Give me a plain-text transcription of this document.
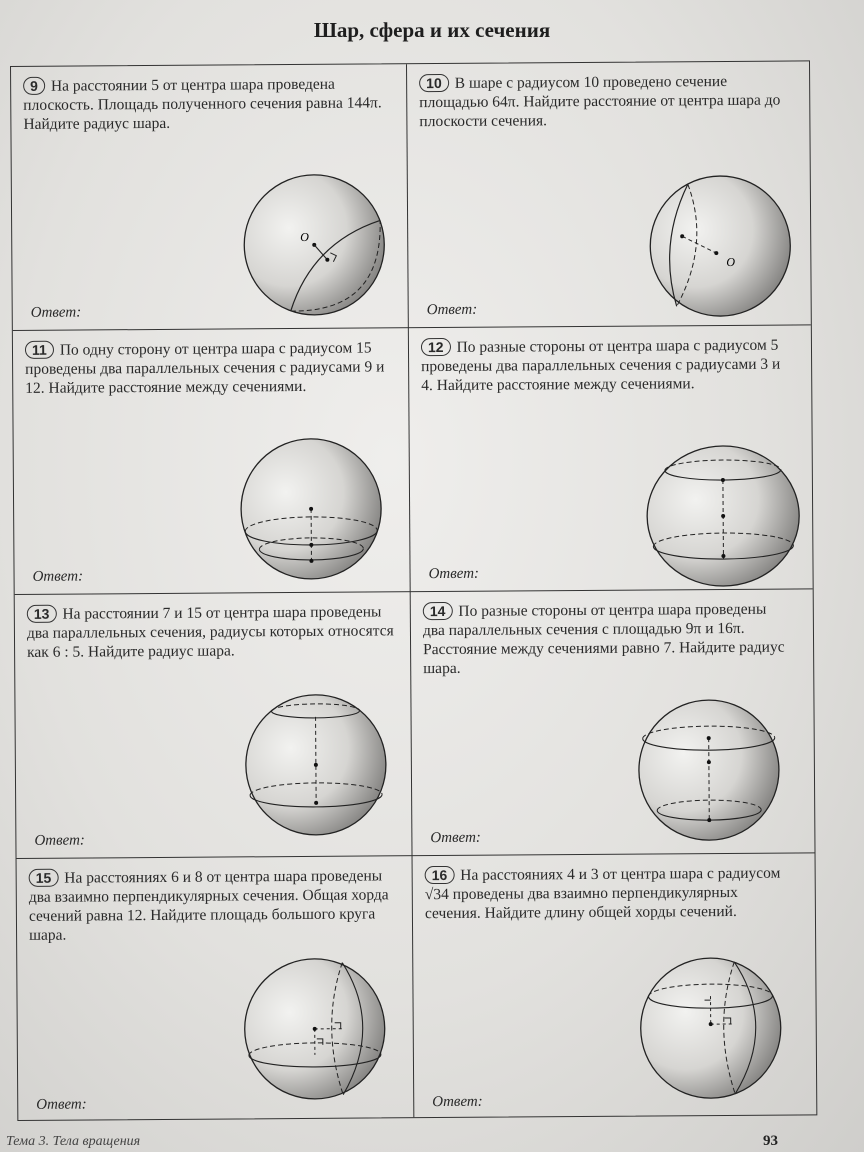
Шар, сфера и их сечения
9 На расстоянии 5 от центра шара проведена плоскость. Площадь полученного сечения равна 144π. Найдите радиус шара.
O
Ответ:
10 В шаре с радиусом 10 проведено сечение площадью 64π. Найдите расстояние от центра шара до плоскости сечения.
O
Ответ:
11 По одну сторону от центра шара с радиусом 15 проведены два параллельных сечения с радиусами 9 и 12. Найдите расстояние между сечениями.
Ответ:
12 По разные стороны от центра шара с радиусом 5 проведены два параллельных сечения с радиусами 3 и 4. Найдите расстояние между сечениями.
Ответ:
13 На расстоянии 7 и 15 от центра шара проведены два параллельных сечения, радиусы которых относятся как 6 : 5. Найдите радиус шара.
Ответ:
14 По разные стороны от центра шара проведены два параллельных сечения с площадью 9π и 16π. Расстояние между сечениями равно 7. Найдите радиус шара.
Ответ:
15 На расстояниях 6 и 8 от центра шара проведены два взаимно перпендикулярных сечения. Общая хорда сечений равна 12. Найдите площадь большого круга шара.
Ответ:
16 На расстояниях 4 и 3 от центра шара с радиусом √34 проведены два взаимно перпендикулярных сечения. Найдите длину общей хорды сечений.
Ответ:
Тема 3. Тела вращения	93
